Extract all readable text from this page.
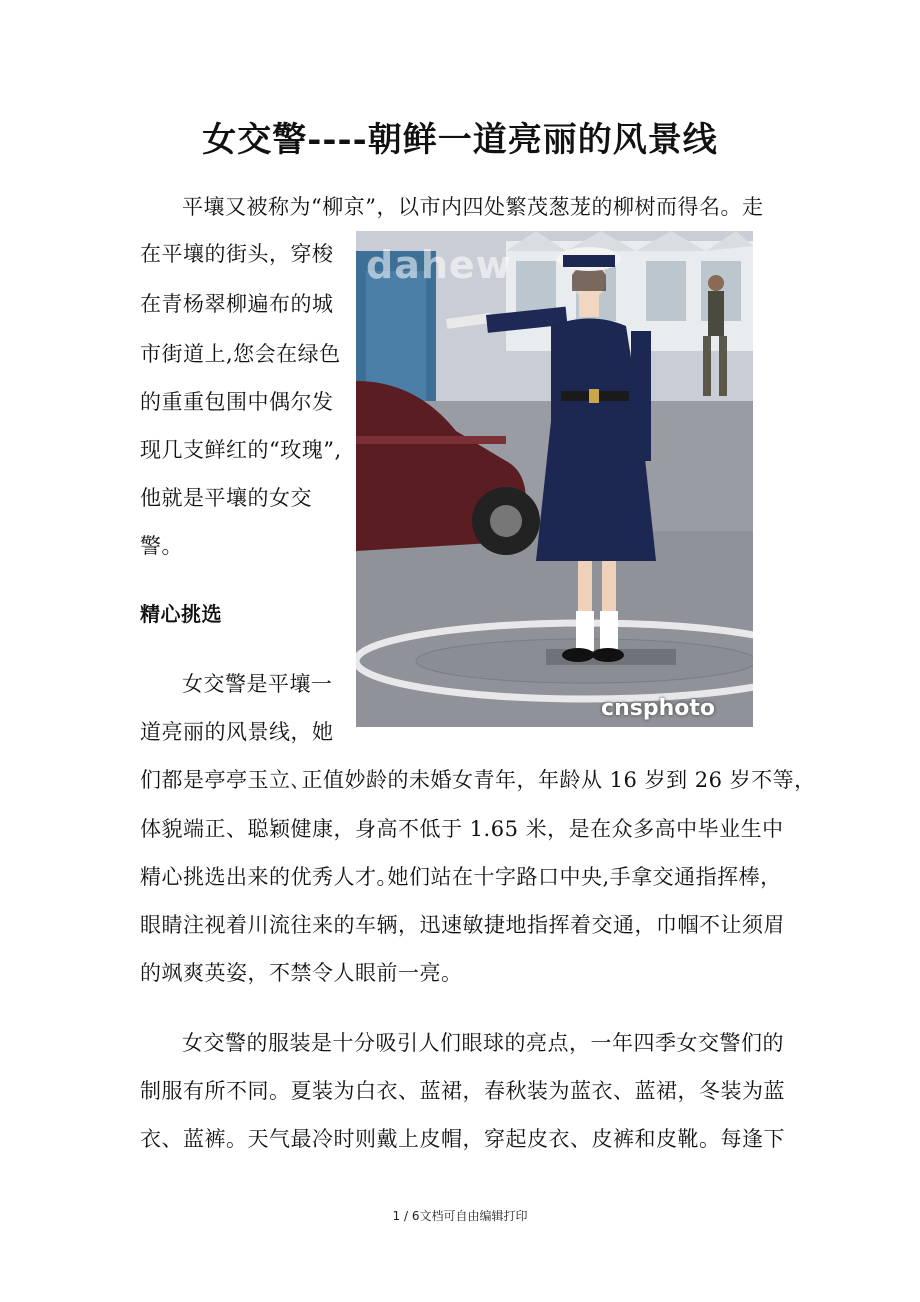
女交警----朝鲜一道亮丽的风景线
平壤又被称为“柳京”，以市内四处繁茂葱茏的柳树而得名。走
在平壤的街头，穿梭
在青杨翠柳遍布的城
市街道上,您会在绿色
的重重包围中偶尔发
现几支鲜红的“玫瑰”,
他就是平壤的女交
警。
精心挑选
女交警是平壤一
道亮丽的风景线，她
们都是亭亭玉立､正值妙龄的未婚女青年，年龄从 16 岁到 26 岁不等，
体貌端正、聪颖健康，身高不低于 1.65 米，是在众多高中毕业生中
精心挑选出来的优秀人才｡她们站在十字路口中央,手拿交通指挥棒，
眼睛注视着川流往来的车辆，迅速敏捷地指挥着交通，巾帼不让须眉
的飒爽英姿，不禁令人眼前一亮。
女交警的服装是十分吸引人们眼球的亮点，一年四季女交警们的
制服有所不同。夏装为白衣、蓝裙，春秋装为蓝衣、蓝裙，冬装为蓝
衣、蓝裤。天气最冷时则戴上皮帽，穿起皮衣、皮裤和皮靴。每逢下
dahew
cnsphoto
1 / 6文档可自由编辑打印
